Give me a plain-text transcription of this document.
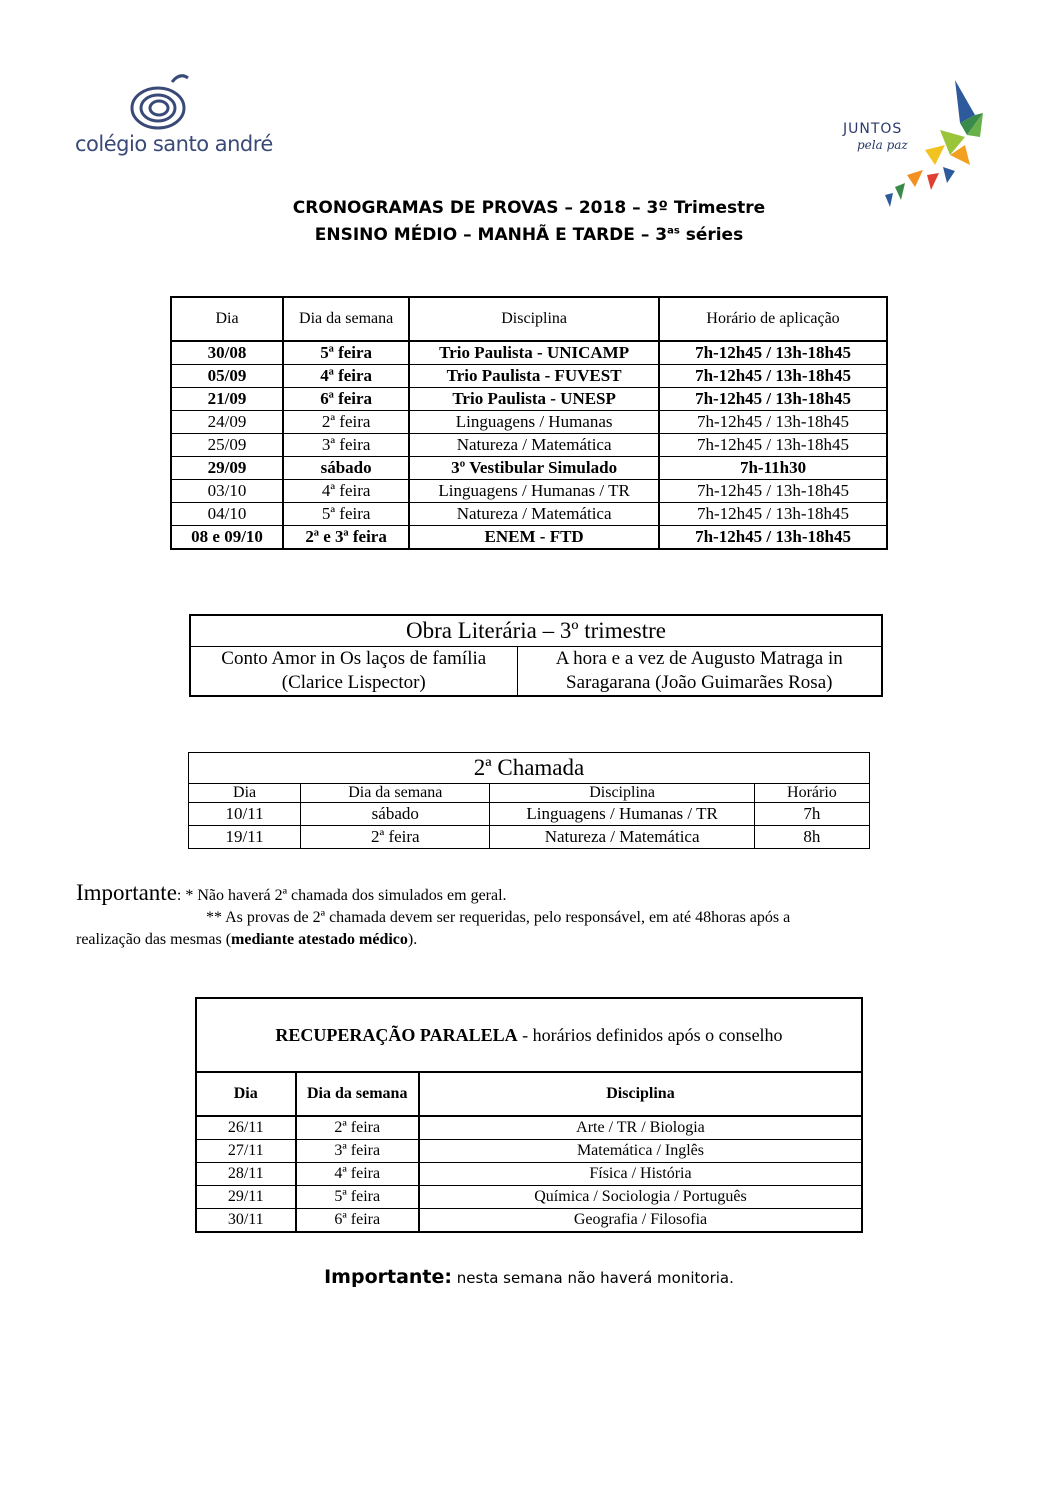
colégio santo andré
JUNTOS
pela paz
CRONOGRAMAS DE PROVAS – 2018 – 3º Trimestre
ENSINO MÉDIO – MANHÃ E TARDE – $3^{as}$ séries
Dia	Dia da semana	Disciplina	Horário de aplicação
30/08	5ª feira	Trio Paulista - UNICAMP	7h-12h45 / 13h-18h45
05/09	4ª feira	Trio Paulista - FUVEST	7h-12h45 / 13h-18h45
21/09	6ª feira	Trio Paulista - UNESP	7h-12h45 / 13h-18h45
24/09	2ª feira	Linguagens / Humanas	7h-12h45 / 13h-18h45
25/09	3ª feira	Natureza / Matemática	7h-12h45 / 13h-18h45
29/09	sábado	3º Vestibular Simulado	7h-11h30
03/10	4ª feira	Linguagens / Humanas / TR	7h-12h45 / 13h-18h45
04/10	5ª feira	Natureza / Matemática	7h-12h45 / 13h-18h45
08 e 09/10	2ª e 3ª feira	ENEM - FTD	7h-12h45 / 13h-18h45
Obra Literária – 3º trimestre
Conto Amor in Os laços de família (Clarice Lispector)	A hora e a vez de Augusto Matraga in Saragarana (João Guimarães Rosa)
2ª Chamada			
Dia	Dia da semana	Disciplina	Horário
10/11	sábado	Linguagens / Humanas / TR	7h
19/11	2ª feira	Natureza / Matemática	8h
Importante: * Não haverá 2ª chamada dos simulados em geral.
** As provas de 2ª chamada devem ser requeridas, pelo responsável, em até 48horas após a
realização das mesmas (mediante atestado médico).
RECUPERAÇÃO PARALELA - horários definidos após o conselho		
Dia	Dia da semana	Disciplina
26/11	2ª feira	Arte / TR / Biologia
27/11	3ª feira	Matemática / Inglês
28/11	4ª feira	Física / História
29/11	5ª feira	Química / Sociologia / Português
30/11	6ª feira	Geografia / Filosofia
Importante: nesta semana não haverá monitoria.
